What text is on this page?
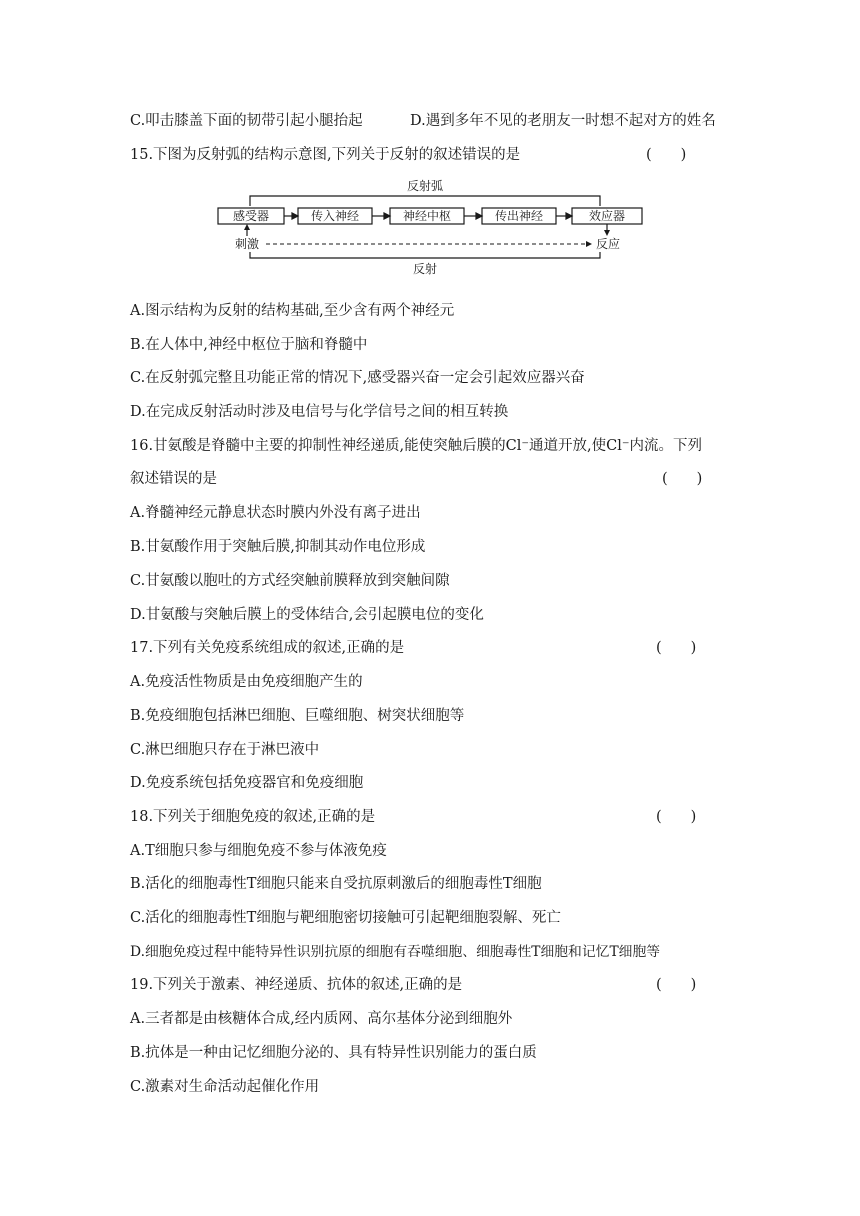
C.叩击膝盖下面的韧带引起小腿抬起	D.遇到多年不见的老朋友一时想不起对方的姓名
15.下图为反射弧的结构示意图,下列关于反射的叙述错误的是	(　　)
反射弧
感受器	传入神经	神经中枢	传出神经	效应器
刺激	反应
反射
A.图示结构为反射的结构基础,至少含有两个神经元
B.在人体中,神经中枢位于脑和脊髓中
C.在反射弧完整且功能正常的情况下,感受器兴奋一定会引起效应器兴奋
D.在完成反射活动时涉及电信号与化学信号之间的相互转换
16.甘氨酸是脊髓中主要的抑制性神经递质,能使突触后膜的Cl⁻通道开放,使Cl⁻内流。下列
叙述错误的是	(　　)
A.脊髓神经元静息状态时膜内外没有离子进出
B.甘氨酸作用于突触后膜,抑制其动作电位形成
C.甘氨酸以胞吐的方式经突触前膜释放到突触间隙
D.甘氨酸与突触后膜上的受体结合,会引起膜电位的变化
17.下列有关免疫系统组成的叙述,正确的是	(　　)
A.免疫活性物质是由免疫细胞产生的
B.免疫细胞包括淋巴细胞、巨噬细胞、树突状细胞等
C.淋巴细胞只存在于淋巴液中
D.免疫系统包括免疫器官和免疫细胞
18.下列关于细胞免疫的叙述,正确的是	(　　)
A.T细胞只参与细胞免疫不参与体液免疫
B.活化的细胞毒性T细胞只能来自受抗原刺激后的细胞毒性T细胞
C.活化的细胞毒性T细胞与靶细胞密切接触可引起靶细胞裂解、死亡
D.细胞免疫过程中能特异性识别抗原的细胞有吞噬细胞、细胞毒性T细胞和记忆T细胞等
19.下列关于激素、神经递质、抗体的叙述,正确的是	(　　)
A.三者都是由核糖体合成,经内质网、高尔基体分泌到细胞外
B.抗体是一种由记忆细胞分泌的、具有特异性识别能力的蛋白质
C.激素对生命活动起催化作用
